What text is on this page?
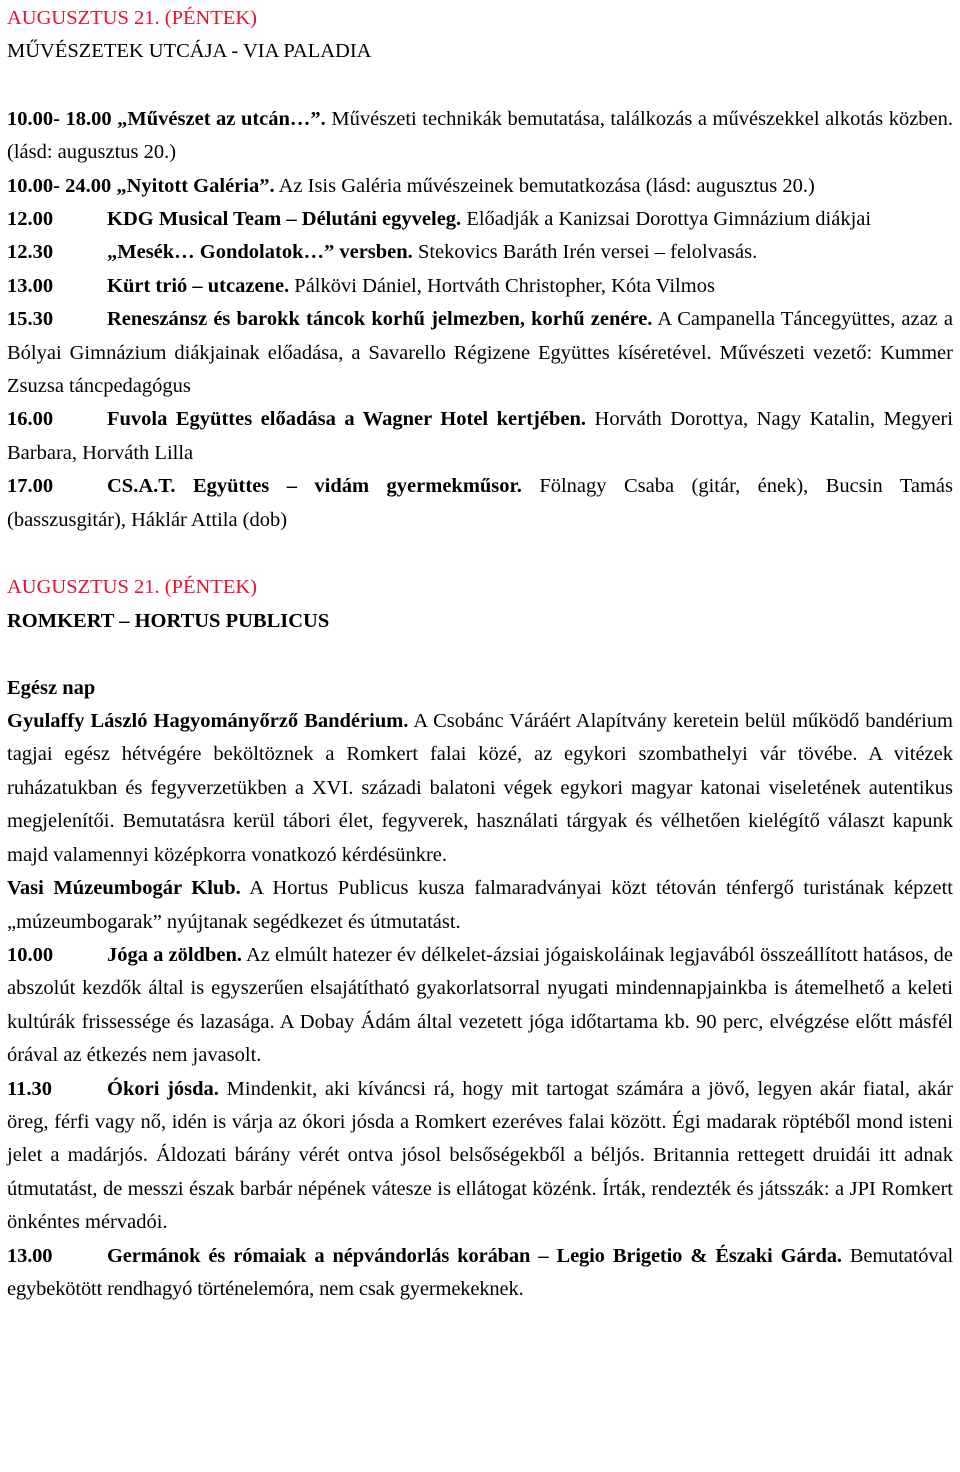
AUGUSZTUS 21. (PÉNTEK)

MŰVÉSZETEK UTCÁJA - VIA PALADIA

10.00- 18.00 „Művészet az utcán…”. Művészeti technikák bemutatása, találkozás a művészekkel alkotás közben. (lásd: augusztus 20.)

10.00- 24.00 „Nyitott Galéria”. Az Isis Galéria művészeinek bemutatkozása (lásd: augusztus 20.)

12.00	KDG Musical Team – Délutáni egyveleg. Előadják a Kanizsai Dorottya Gimnázium diákjai

12.30	„Mesék… Gondolatok…” versben. Stekovics Baráth Irén versei – felolvasás.

13.00	Kürt trió – utcazene. Pálkövi Dániel, Hortváth Christopher, Kóta Vilmos

15.30	Reneszánsz és barokk táncok korhű jelmezben, korhű zenére. A Campanella Táncegyüttes, azaz a Bólyai Gimnázium diákjainak előadása, a Savarello Régizene Együttes kíséretével. Művészeti vezető: Kummer Zsuzsa táncpedagógus

16.00	Fuvola Együttes előadása a Wagner Hotel kertjében. Horváth Dorottya, Nagy Katalin, Megyeri Barbara, Horváth Lilla

17.00	CS.A.T. Együttes – vidám gyermekműsor. Fölnagy Csaba (gitár, ének), Bucsin Tamás (basszusgitár), Háklár Attila (dob)

AUGUSZTUS 21. (PÉNTEK)

ROMKERT – HORTUS PUBLICUS

Egész nap

Gyulaffy László Hagyományőrző Bandérium. A Csobánc Váráért Alapítvány keretein belül működő bandérium tagjai egész hétvégére beköltöznek a Romkert falai közé, az egykori szombathelyi vár tövébe. A vitézek ruházatukban és fegyverzetükben a XVI. századi balatoni végek egykori magyar katonai viseletének autentikus megjelenítői. Bemutatásra kerül tábori élet, fegyverek, használati tárgyak és vélhetően kielégítő választ kapunk majd valamennyi középkorra vonatkozó kérdésünkre.

Vasi Múzeumbogár Klub. A Hortus Publicus kusza falmaradványai közt tétován ténfergő turistának képzett „múzeumbogarak” nyújtanak segédkezet és útmutatást.

10.00	Jóga a zöldben. Az elmúlt hatezer év délkelet-ázsiai jógaiskoláinak legjavából összeállított hatásos, de abszolút kezdők által is egyszerűen elsajátítható gyakorlatsorral nyugati mindennapjainkba is átemelhető a keleti kultúrák frissessége és lazasága. A Dobay Ádám által vezetett jóga időtartama kb. 90 perc, elvégzése előtt másfél órával az étkezés nem javasolt.

11.30	Ókori jósda. Mindenkit, aki kíváncsi rá, hogy mit tartogat számára a jövő, legyen akár fiatal, akár öreg, férfi vagy nő, idén is várja az ókori jósda a Romkert ezeréves falai között. Égi madarak röptéből mond isteni jelet a madárjós. Áldozati bárány vérét ontva jósol belsőségekből a béljós. Britannia rettegett druidái itt adnak útmutatást, de messzi észak barbár népének vátesze is ellátogat közénk. Írták, rendezték és játsszák: a JPI Romkert önkéntes mérvadói.

13.00	Germánok és rómaiak a népvándorlás korában – Legio Brigetio & Északi Gárda. Bemutatóval egybekötött rendhagyó történelemóra, nem csak gyermekeknek.
